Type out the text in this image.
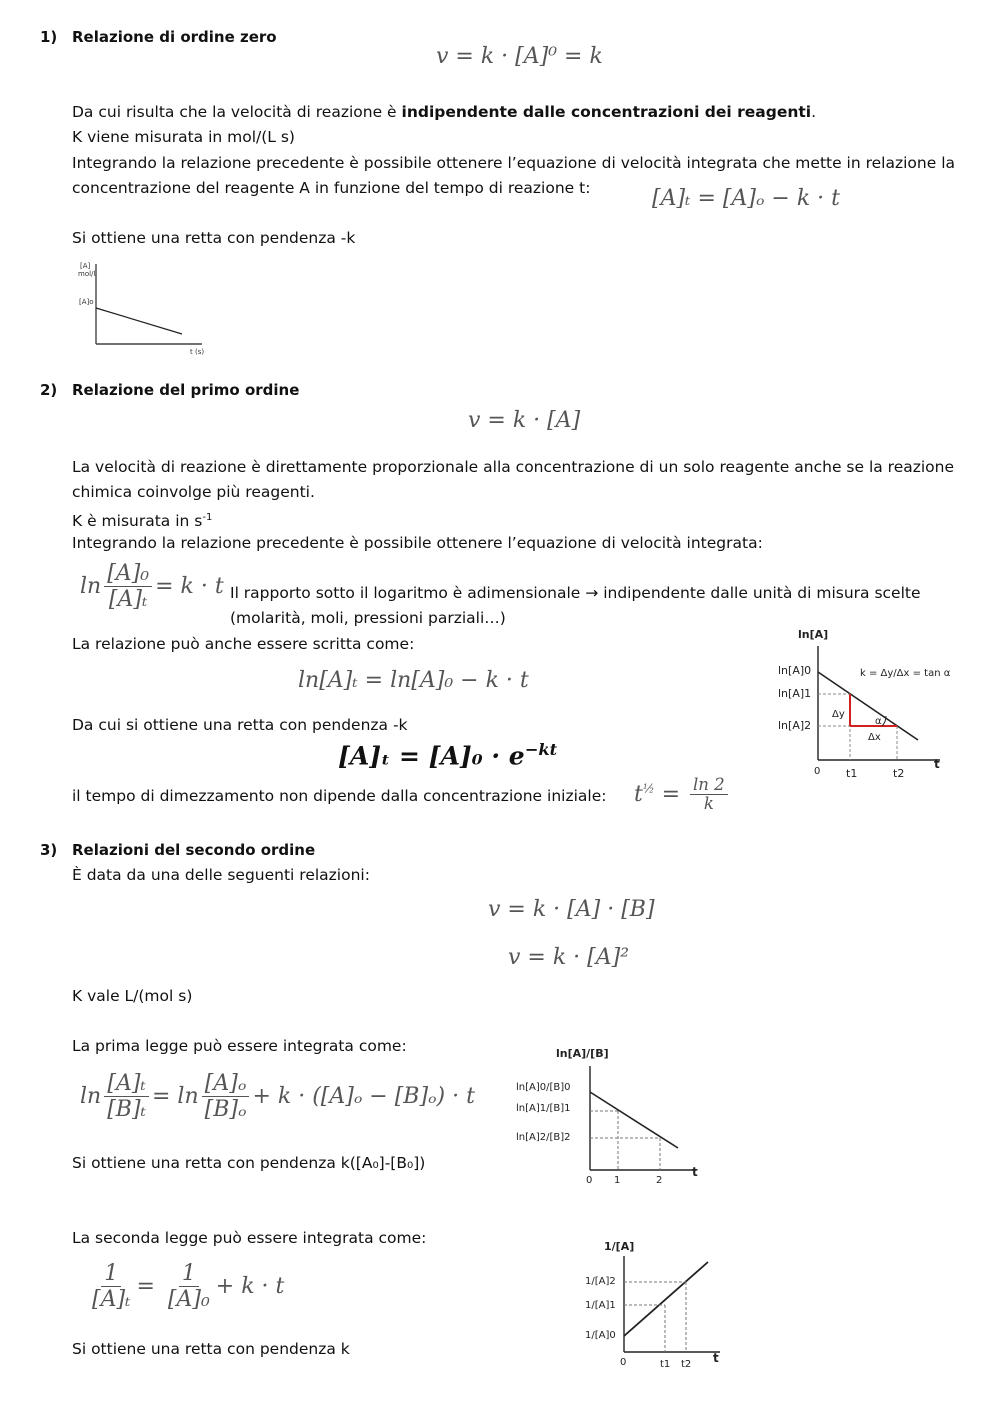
1) Relazione di ordine zero
v = k · [A]⁰ = k
Da cui risulta che la velocità di reazione è indipendente dalle concentrazioni dei reagenti.
K viene misurata in mol/(L s)
Integrando la relazione precedente è possibile ottenere l’equazione di velocità integrata che mette in relazione la
concentrazione del reagente A in funzione del tempo di reazione t:	[A]ₜ = [A]ₒ − k · t
Si ottiene una retta con pendenza -k
[A]
mol/l
[A]o
t (s)
2) Relazione del primo ordine
v = k · [A]
La velocità di reazione è direttamente proporzionale alla concentrazione di un solo reagente anche se la reazione
chimica coinvolge più reagenti.
K è misurata in $s^{-1}$
Integrando la relazione precedente è possibile ottenere l’equazione di velocità integrata:
$\ln \frac{\text{[A]₀}}{\text{[A]ₜ}} = k \cdot t$ Il rapporto sotto il logaritmo è adimensionale → indipendente dalle unità di misura scelte
(molarità, moli, pressioni parziali…)
La relazione può anche essere scritta come:
ln[A]ₜ = ln[A]₀ − k · t
Da cui si ottiene una retta con pendenza -k
$[A]_t = [A]_0 \cdot e^{-kt}$
il tempo di dimezzamento non dipende dalla concentrazione iniziale: $t^{\frac{1}{2}} = \frac{\ln 2}{k}$
ln[A]
ln[A]0
ln[A]1
ln[A]2
k = Δy/Δx = tan α
Δy
Δx
α
0 t1	t2
t
3) Relazioni del secondo ordine
È data da una delle seguenti relazioni:
v = k · [A] · [B]
v = k · [A]²
K vale L/(mol s)
La prima legge può essere integrata come:
$\ln \frac{\text{[A]ₜ}}{\text{[B]ₜ}} = \ln \frac{\text{[A]ₒ}}{\text{[B]ₒ}} + k \cdot ([A]_o - [B]_o) \cdot t$
Si ottiene una retta con pendenza k([A₀]-[B₀])
ln[A]/[B]
ln[A]0/[B]0
ln[A]1/[B]1
ln[A]2/[B]2
0 1	2
t
La seconda legge può essere integrata come:
$\frac{1}{\text{[A]ₜ}} = \frac{1}{\text{[A]₀}} + k \cdot t$
Si ottiene una retta con pendenza k
1/[A]
1/[A]2
1/[A]1
1/[A]0
0	t1 t2 t
